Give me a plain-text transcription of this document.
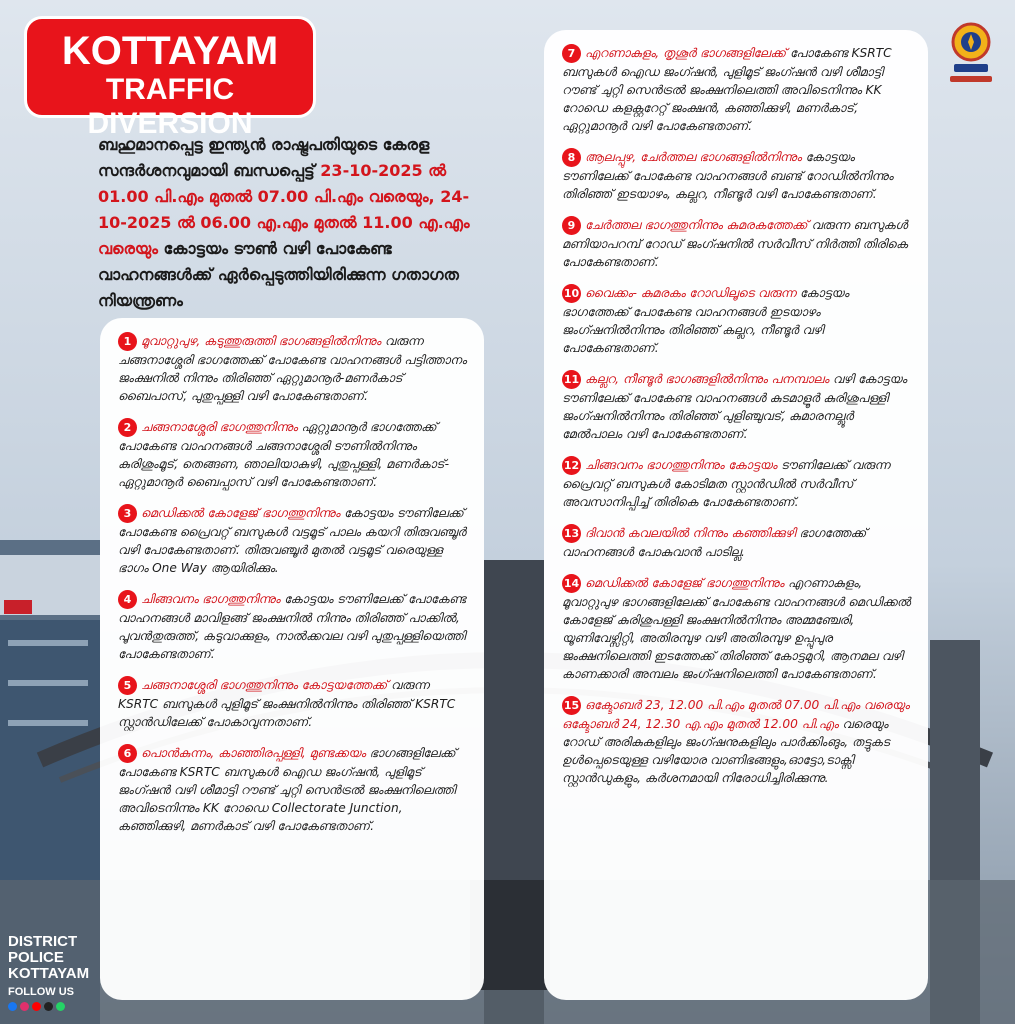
KOTTAYAM
TRAFFIC DIVERSION
ബഹുമാനപ്പെട്ട ഇന്ത്യൻ രാഷ്ട്രപതിയുടെ കേരള സന്ദർശനവുമായി ബന്ധപ്പെട്ട് 23-10-2025 ൽ 01.00 പി.എം മുതൽ 07.00 പി.എം വരെയും, 24-10-2025 ൽ 06.00 എ.എം മുതൽ 11.00 എ.എം വരെയും കോട്ടയം ടൗൺ വഴി പോകേണ്ട വാഹനങ്ങൾക്ക് ഏർപ്പെടുത്തിയിരിക്കുന്ന ഗതാഗത നിയന്ത്രണം
1 മൂവാറ്റുപുഴ, കടുത്തുരുത്തി ഭാഗങ്ങളിൽനിന്നും വരുന്ന ചങ്ങനാശ്ശേരി ഭാഗത്തേക്ക് പോകേണ്ട വാഹനങ്ങൾ പട്ടിത്താനം ജംക്ഷനിൽ നിന്നും തിരിഞ്ഞ് ഏറ്റുമാനൂർ-മണർകാട് ബൈപാസ്, പുതുപ്പള്ളി വഴി പോകേണ്ടതാണ്.
2 ചങ്ങനാശ്ശേരി ഭാഗത്തുനിന്നും ഏറ്റുമാനൂർ ഭാഗത്തേക്ക് പോകേണ്ട വാഹനങ്ങൾ ചങ്ങനാശ്ശേരി ടൗണിൽനിന്നും കുരിശുംമൂട്, തെങ്ങണ, ഞാലിയാകുഴി, പുതുപ്പള്ളി, മണർകാട്- ഏറ്റുമാനൂർ ബൈപ്പാസ് വഴി പോകേണ്ടതാണ്.
3 മെഡിക്കൽ കോളേജ് ഭാഗത്തുനിന്നും കോട്ടയം ടൗണിലേക്ക് പോകേണ്ട പ്രൈവറ്റ് ബസുകൾ വട്ടമൂട് പാലം കയറി തിരുവഞ്ചൂർ വഴി പോകേണ്ടതാണ്. തിരുവഞ്ചൂർ മുതൽ വട്ടമൂട് വരെയുള്ള ഭാഗം One Way ആയിരിക്കും.
4 ചിങ്ങവനം ഭാഗത്തുനിന്നും കോട്ടയം ടൗണിലേക്ക് പോകേണ്ട വാഹനങ്ങൾ മാവിളങ്ങ് ജംക്ഷനിൽ നിന്നും തിരിഞ്ഞ് പാക്കിൽ, പൂവൻതുരുത്ത്, കടുവാക്കുളം, നാൽക്കവല വഴി പുതുപ്പള്ളിയെത്തി പോകേണ്ടതാണ്.
5 ചങ്ങനാശ്ശേരി ഭാഗത്തുനിന്നും കോട്ടയത്തേക്ക് വരുന്ന KSRTC ബസുകൾ പുളിമൂട് ജംക്ഷനിൽനിന്നും തിരിഞ്ഞ് KSRTC സ്റ്റാൻഡിലേക്ക് പോകാവുന്നതാണ്.
6 പൊൻകുന്നം, കാഞ്ഞിരപ്പള്ളി, മുണ്ടക്കയം ഭാഗങ്ങളിലേക്ക് പോകേണ്ട KSRTC ബസുകൾ ഐഡ ജംഗ്ഷൻ, പുളിമൂട് ജംഗ്ഷൻ വഴി ശീമാട്ടി റൗണ്ട് ചുറ്റി സെൻട്രൽ ജംക്ഷനിലെത്തി അവിടെനിന്നും KK റോഡെ Collectorate Junction, കഞ്ഞിക്കുഴി, മണർകാട് വഴി പോകേണ്ടതാണ്.
7 എറണാകുളം, തൃശൂർ ഭാഗങ്ങളിലേക്ക് പോകേണ്ട KSRTC ബസുകൾ ഐഡ ജംഗ്ഷൻ, പുളിമൂട് ജംഗ്ഷൻ വഴി ശീമാട്ടി റൗണ്ട് ചുറ്റി സെൻട്രൽ ജംക്ഷനിലെത്തി അവിടെനിന്നും KK റോഡെ കളക്റ്ററേറ്റ് ജംക്ഷൻ, കഞ്ഞിക്കുഴി, മണർകാട്, ഏറ്റുമാനൂർ വഴി പോകേണ്ടതാണ്.
8 ആലപ്പുഴ, ചേർത്തല ഭാഗങ്ങളിൽനിന്നും കോട്ടയം ടൗണിലേക്ക് പോകേണ്ട വാഹനങ്ങൾ ബണ്ട് റോഡിൽനിന്നും തിരിഞ്ഞ് ഇടയാഴം, കല്ലറ, നീണ്ടൂർ വഴി പോകേണ്ടതാണ്.
9 ചേർത്തല ഭാഗത്തുനിന്നും കുമരകത്തേക്ക് വരുന്ന ബസുകൾ മണിയാപറമ്പ് റോഡ് ജംഗ്ഷനിൽ സർവീസ് നിർത്തി തിരികെ പോകേണ്ടതാണ്.
10 വൈക്കം- കുമരകം റോഡിലൂടെ വരുന്ന കോട്ടയം ഭാഗത്തേക്ക് പോകേണ്ട വാഹനങ്ങൾ ഇടയാഴം ജംഗ്ഷനിൽനിന്നും തിരിഞ്ഞ് കല്ലറ, നീണ്ടൂർ വഴി പോകേണ്ടതാണ്.
11 കല്ലറ, നീണ്ടൂർ ഭാഗങ്ങളിൽനിന്നും പനമ്പാലം വഴി കോട്ടയം ടൗണിലേക്ക് പോകേണ്ട വാഹനങ്ങൾ കുടമാളൂർ കുരിശുപള്ളി ജംഗ്ഷനിൽനിന്നും തിരിഞ്ഞ് പുളിഞ്ചുവട്, കുമാരനല്ലൂർ മേൽപാലം വഴി പോകേണ്ടതാണ്.
12 ചിങ്ങവനം ഭാഗത്തുനിന്നും കോട്ടയം ടൗണിലേക്ക് വരുന്ന പ്രൈവറ്റ് ബസുകൾ കോടിമത സ്റ്റാൻഡിൽ സർവീസ് അവസാനിപ്പിച്ച് തിരികെ പോകേണ്ടതാണ്.
13 ദിവാൻ കവലയിൽ നിന്നും കഞ്ഞിക്കുഴി ഭാഗത്തേക്ക് വാഹനങ്ങൾ പോകുവാൻ പാടില്ല.
14 മെഡിക്കൽ കോളേജ് ഭാഗത്തുനിന്നും എറണാകുളം, മൂവാറ്റുപുഴ ഭാഗങ്ങളിലേക്ക് പോകേണ്ട വാഹനങ്ങൾ മെഡിക്കൽ കോളേജ് കുരിശുപള്ളി ജംക്ഷനിൽനിന്നും അമ്മഞ്ചേരി, യൂണിവേഴ്സിറ്റി, അതിരമ്പുഴ വഴി അതിരമ്പുഴ ഉപ്പുപുര ജംക്ഷനിലെത്തി ഇടത്തേക്ക് തിരിഞ്ഞ് കോട്ടമുറി, ആനമല വഴി കാണക്കാരി അമ്പലം ജംഗ്ഷനിലെത്തി പോകേണ്ടതാണ്.
15 ഒക്ടോബർ 23, 12.00 പി.എം മുതൽ 07.00 പി.എം വരെയും ഒക്ടോബർ 24, 12.30 എ.എം മുതൽ 12.00 പി.എം വരെയും റോഡ് അരികുകളിലും ജംഗ്ഷനുകളിലും പാർക്കിംങും, തട്ടുകട ഉൾപ്പെടെയുള്ള വഴിയോര വാണിഭങ്ങളും,ഓട്ടോ,ടാക്സി സ്റ്റാൻഡുകളും, കർശനമായി നിരോധിച്ചിരിക്കുന്നു.
DISTRICT
POLICE
KOTTAYAM
FOLLOW US
